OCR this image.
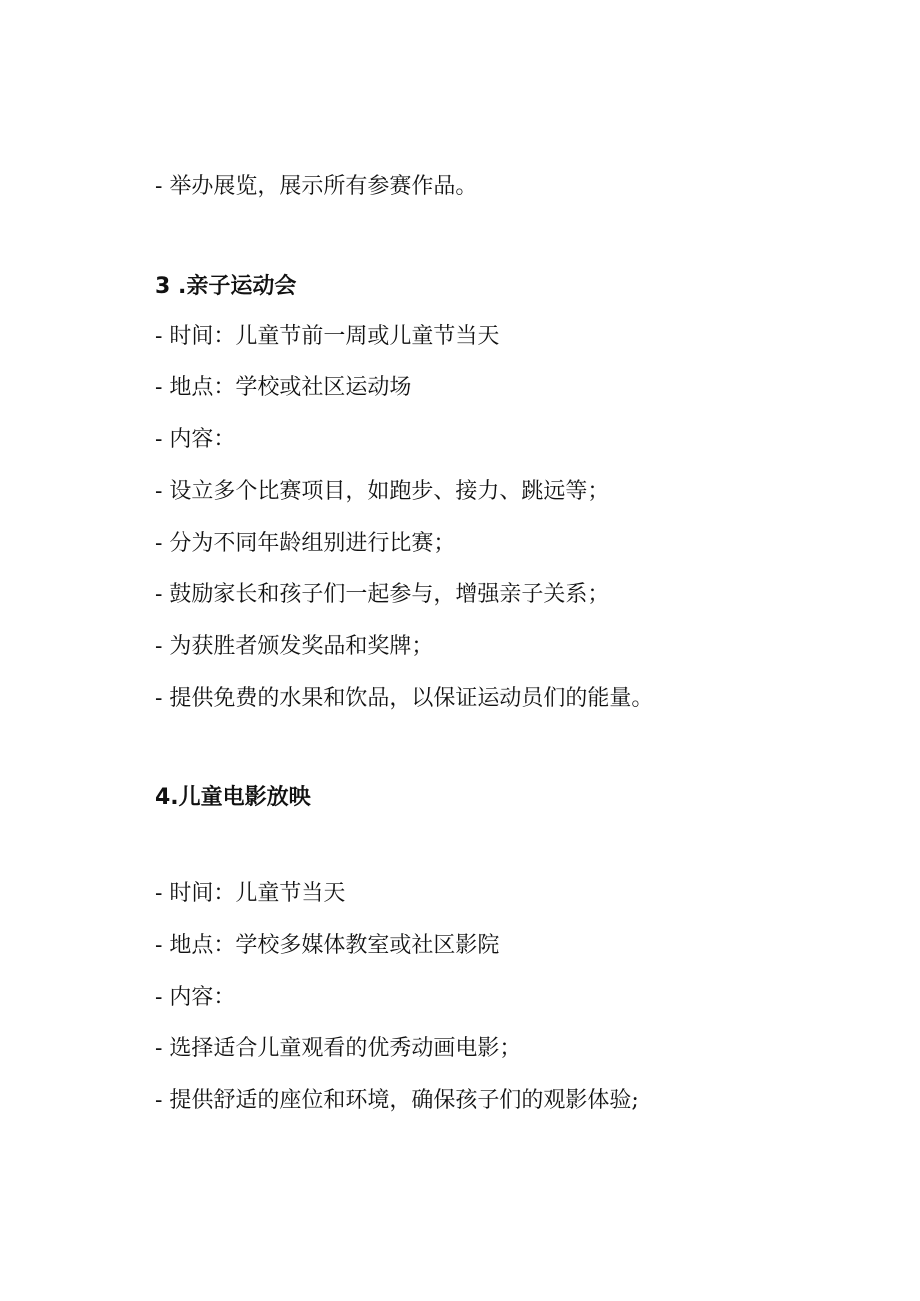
- 举办展览，展示所有参赛作品。
3 .亲子运动会
- 时间：儿童节前一周或儿童节当天
- 地点：学校或社区运动场
- 内容：
- 设立多个比赛项目，如跑步、接力、跳远等；
- 分为不同年龄组别进行比赛；
- 鼓励家长和孩子们一起参与，增强亲子关系；
- 为获胜者颁发奖品和奖牌；
- 提供免费的水果和饮品，以保证运动员们的能量。
4.儿童电影放映
- 时间：儿童节当天
- 地点：学校多媒体教室或社区影院
- 内容：
- 选择适合儿童观看的优秀动画电影；
- 提供舒适的座位和环境，确保孩子们的观影体验;
